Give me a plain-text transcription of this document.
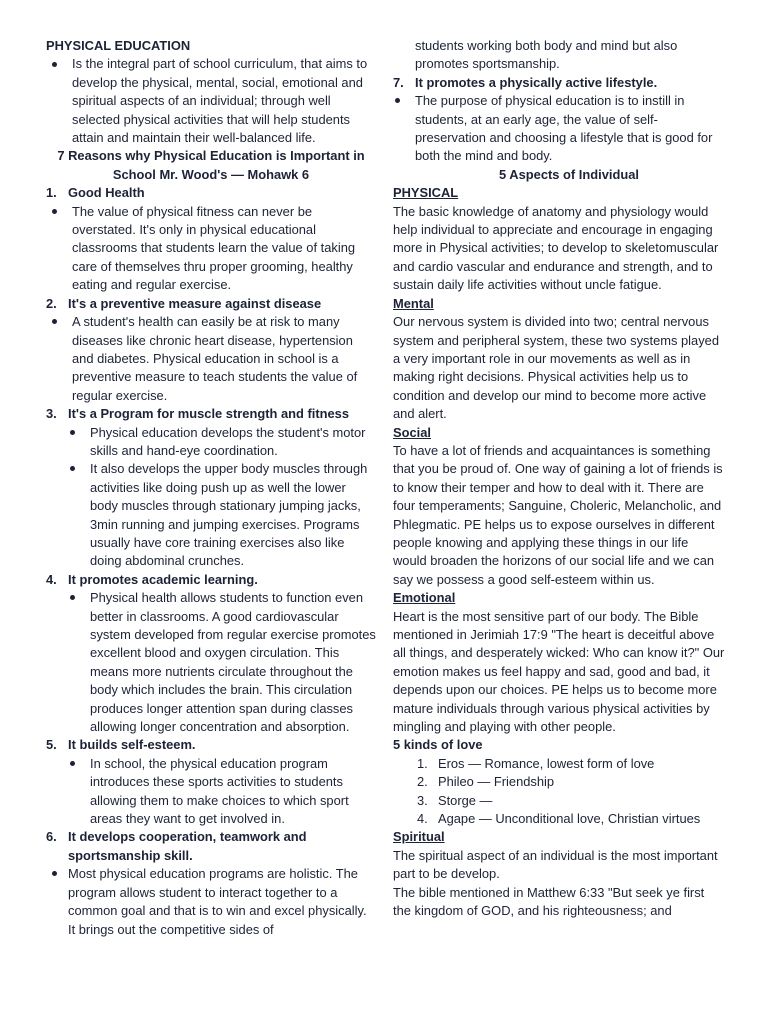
PHYSICAL EDUCATION
Is the integral part of school curriculum, that aims to develop the physical, mental, social, emotional and spiritual aspects of an individual; through well selected physical activities that will help students attain and maintain their well-balanced life.
7 Reasons why Physical Education is Important in
School Mr. Wood's — Mohawk 6
1. Good Health
The value of physical fitness can never be overstated. It's only in physical educational classrooms that students learn the value of taking care of themselves thru proper grooming, healthy eating and regular exercise.
2. It's a preventive measure against disease
A student's health can easily be at risk to many diseases like chronic heart disease, hypertension and diabetes. Physical education in school is a preventive measure to teach students the value of regular exercise.
3. It's a Program for muscle strength and fitness
Physical education develops the student's motor skills and hand-eye coordination.
It also develops the upper body muscles through activities like doing push up as well the lower body muscles through stationary jumping jacks, 3min running and jumping exercises. Programs usually have core training exercises also like doing abdominal crunches.
4. It promotes academic learning.
Physical health allows students to function even better in classrooms. A good cardiovascular system developed from regular exercise promotes excellent blood and oxygen circulation. This means more nutrients circulate throughout the body which includes the brain. This circulation produces longer attention span during classes allowing longer concentration and absorption.
5. It builds self-esteem.
In school, the physical education program introduces these sports activities to students allowing them to make choices to which sport areas they want to get involved in.
6. It develops cooperation, teamwork and sportsmanship skill.
Most physical education programs are holistic. The program allows student to interact together to a common goal and that is to win and excel physically. It brings out the competitive sides of
students working both body and mind but also promotes sportsmanship.
7. It promotes a physically active lifestyle.
The purpose of physical education is to instill in students, at an early age, the value of self-preservation and choosing a lifestyle that is good for both the mind and body.
5 Aspects of Individual
PHYSICAL
The basic knowledge of anatomy and physiology would help individual to appreciate and encourage in engaging more in Physical activities; to develop to skeletomuscular and cardio vascular and endurance and strength, and to sustain daily life activities without uncle fatigue.
Mental
Our nervous system is divided into two; central nervous system and peripheral system, these two systems played a very important role in our movements as well as in making right decisions. Physical activities help us to condition and develop our mind to become more active and alert.
Social
To have a lot of friends and acquaintances is something that you be proud of. One way of gaining a lot of friends is to know their temper and how to deal with it. There are four temperaments; Sanguine, Choleric, Melancholic, and Phlegmatic. PE helps us to expose ourselves in different people knowing and applying these things in our life would broaden the horizons of our social life and we can say we possess a good self-esteem within us.
Emotional
Heart is the most sensitive part of our body. The Bible mentioned in Jerimiah 17:9 "The heart is deceitful above all things, and desperately wicked: Who can know it?" Our emotion makes us feel happy and sad, good and bad, it depends upon our choices. PE helps us to become more mature individuals through various physical activities by mingling and playing with other people.
5 kinds of love
1. Eros — Romance, lowest form of love
2. Phileo — Friendship
3. Storge —
4. Agape — Unconditional love, Christian virtues
Spiritual
The spiritual aspect of an individual is the most important part to be develop.
The bible mentioned in Matthew 6:33 "But seek ye first the kingdom of GOD, and his righteousness; and
